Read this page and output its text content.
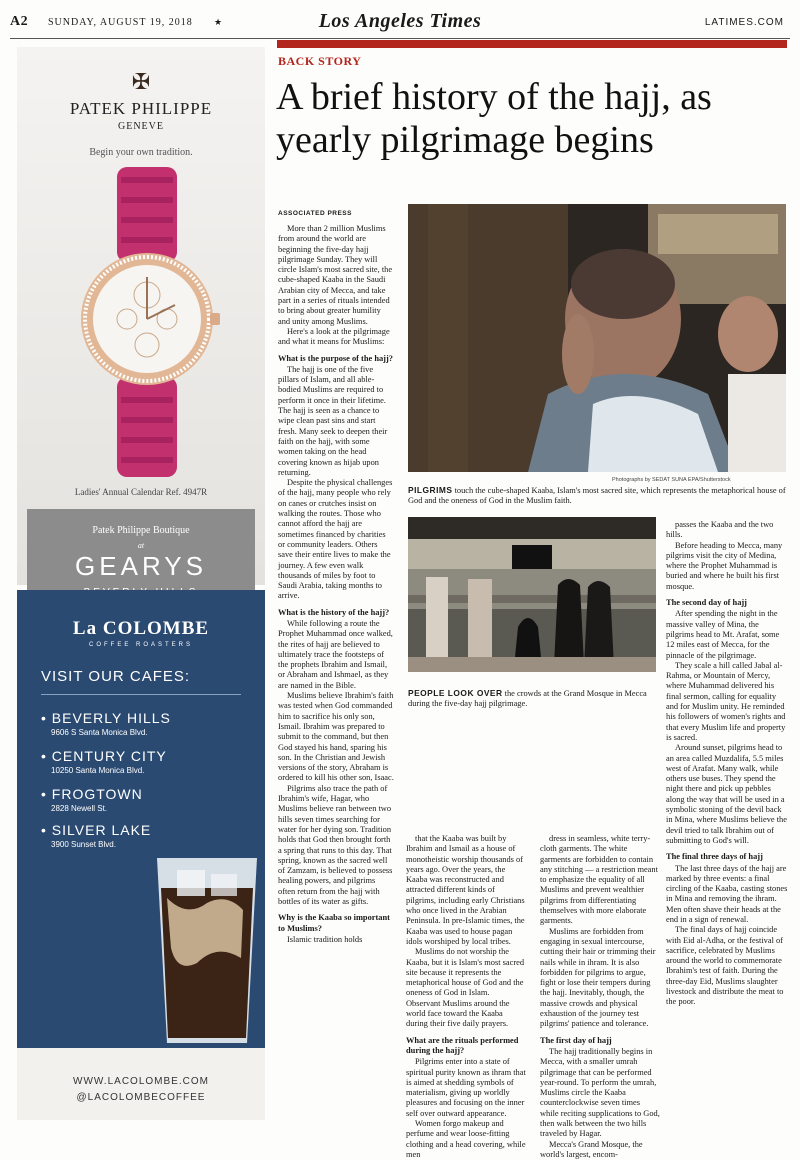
A2 SUNDAY, AUGUST 19, 2018 ★	Los Angeles Times	LATIMES.COM
✠
PATEK PHILIPPE
GENEVE
Begin your own tradition.
Ladies' Annual Calendar Ref. 4947R
Patek Philippe Boutique
at
GEARYS
La COLOMBE
COFFEE ROASTERS
VISIT OUR CAFES:
• BEVERLY HILLS
9606 S Santa Monica Blvd.
• CENTURY CITY
10250 Santa Monica Blvd.
• FROGTOWN
2828 Newell St.
• SILVER LAKE
3900 Sunset Blvd.
WWW.LACOLOMBE.COM
@LACOLOMBECOFFEE
BACK STORY
A brief history of the hajj, as yearly pilgrimage begins
ASSOCIATED PRESS

More than 2 million Muslims from around the world are beginning the five-day hajj pilgrimage Sunday. They will circle Islam's most sacred site, the cube-shaped Kaaba in the Saudi Arabian city of Mecca, and take part in a series of rituals intended to bring about greater humility and unity among Muslims.

Here's a look at the pilgrimage and what it means for Muslims:

What is the purpose of the hajj?

The hajj is one of the five pillars of Islam, and all able-bodied Muslims are required to perform it once in their lifetime. The hajj is seen as a chance to wipe clean past sins and start fresh. Many seek to deepen their faith on the hajj, with some women taking on the head covering known as hijab upon returning.

Despite the physical challenges of the hajj, many people who rely on canes or crutches insist on walking the routes. Those who cannot afford the hajj are sometimes financed by charities or community leaders. Others save their entire lives to make the journey. A few even walk thousands of miles by foot to Saudi Arabia, taking months to arrive.

What is the history of the hajj?

While following a route the Prophet Muhammad once walked, the rites of hajj are believed to ultimately trace the footsteps of the prophets Ibrahim and Ismail, or Abraham and Ishmael, as they are named in the Bible.

Muslims believe Ibrahim's faith was tested when God commanded him to sacrifice his only son, Ismail. Ibrahim was prepared to submit to the command, but then God stayed his hand, sparing his son. In the Christian and Jewish versions of the story, Abraham is ordered to kill his other son, Isaac.

Pilgrims also trace the path of Ibrahim's wife, Hagar, who Muslims believe ran between two hills seven times searching for water for her dying son. Tradition holds that God then brought forth a spring that runs to this day. That spring, known as the sacred well of Zamzam, is believed to possess healing powers, and pilgrims often return from the hajj with bottles of its water as gifts.

Why is the Kaaba so important to Muslims?

Islamic tradition holds

that the Kaaba was built by Ibrahim and Ismail as a house of monotheistic worship thousands of years ago. Over the years, the Kaaba was reconstructed and attracted different kinds of pilgrims, including early Christians who once lived in the Arabian Peninsula. In pre-Islamic times, the Kaaba was used to house pagan idols worshiped by local tribes.

Muslims do not worship the Kaaba, but it is Islam's most sacred site because it represents the metaphorical house of God and the oneness of God in Islam. Observant Muslims around the world face toward the Kaaba during their five daily prayers.

What are the rituals performed during the hajj?

Pilgrims enter into a state of spiritual purity known as ihram that is aimed at shedding symbols of materialism, giving up worldly pleasures and focusing on the inner self over outward appearance.

Women forgo makeup and perfume and wear loose-fitting clothing and a head covering, while men

dress in seamless, white terry-cloth garments. The white garments are forbidden to contain any stitching — a restriction meant to emphasize the equality of all Muslims and prevent wealthier pilgrims from differentiating themselves with more elaborate garments.

Muslims are forbidden from engaging in sexual intercourse, cutting their hair or trimming their nails while in ihram. It is also forbidden for pilgrims to argue, fight or lose their tempers during the hajj. Inevitably, though, the massive crowds and physical exhaustion of the journey test pilgrims' patience and tolerance.

The first day of hajj

The hajj traditionally begins in Mecca, with a smaller umrah pilgrimage that can be performed year-round. To perform the umrah, Muslims circle the Kaaba counterclockwise seven times while reciting supplications to God, then walk between the two hills traveled by Hagar.

Mecca's Grand Mosque, the world's largest, encom-

passes the Kaaba and the two hills.

Before heading to Mecca, many pilgrims visit the city of Medina, where the Prophet Muhammad is buried and where he built his first mosque.

The second day of hajj

After spending the night in the massive valley of Mina, the pilgrims head to Mt. Arafat, some 12 miles east of Mecca, for the pinnacle of the pilgrimage.

They scale a hill called Jabal al-Rahma, or Mountain of Mercy, where Muhammad delivered his final sermon, calling for equality and for Muslim unity. He reminded his followers of women's rights and that every Muslim life and property is sacred.

Around sunset, pilgrims head to an area called Muzdalifa, 5.5 miles west of Arafat. Many walk, while others use buses. They spend the night there and pick up pebbles along the way that will be used in a symbolic stoning of the devil back in Mina, where Muslims believe the devil tried to talk Ibrahim out of submitting to God's will.

The final three days of hajj

The last three days of the hajj are marked by three events: a final circling of the Kaaba, casting stones in Mina and removing the ihram. Men often shave their heads at the end in a sign of renewal.

The final days of hajj coincide with Eid al-Adha, or the festival of sacrifice, celebrated by Muslims around the world to commemorate Ibrahim's test of faith. During the three-day Eid, Muslims slaughter livestock and distribute the meat to the poor.

Photographs by SEDAT SUNA EPA/Shutterstock
PILGRIMS touch the cube-shaped Kaaba, Islam's most sacred site, which represents the metaphorical house of God and the oneness of God in the Muslim faith.
PEOPLE LOOK OVER the crowds at the Grand Mosque in Mecca during the five-day hajj pilgrimage.
